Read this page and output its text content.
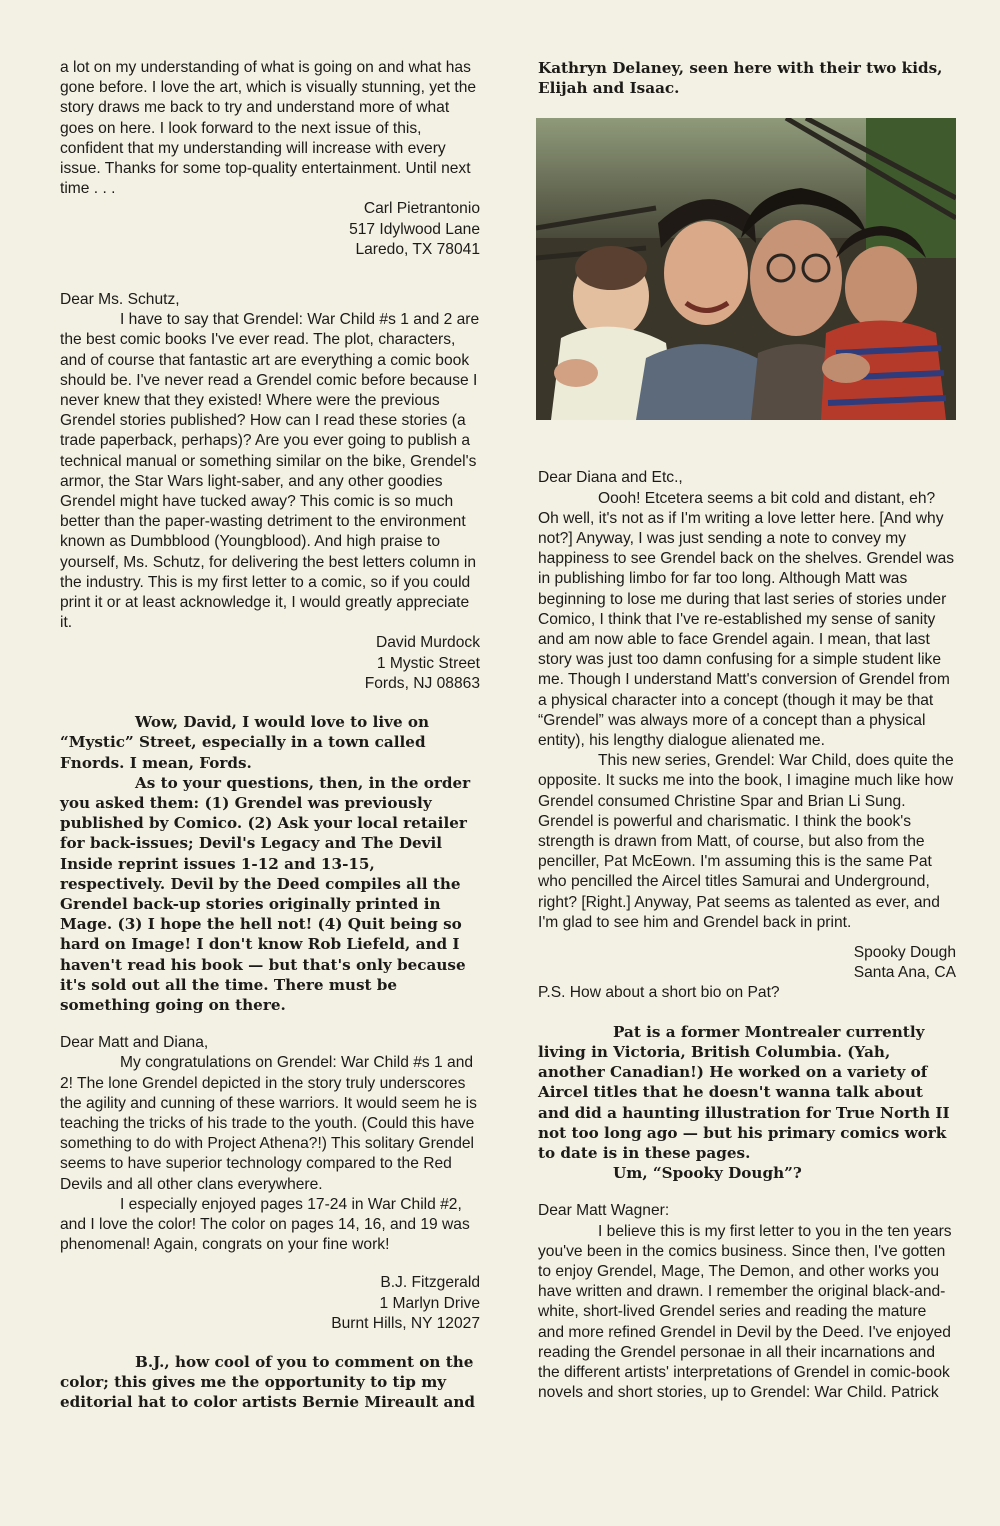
a lot on my understanding of what is going on and what has gone before. I love the art, which is visually stunning, yet the story draws me back to try and understand more of what goes on here. I look forward to the next issue of this, confident that my understanding will increase with every issue. Thanks for some top-quality entertainment. Until next time . . .

Carl Pietrantonio

517 Idylwood Lane

Laredo, TX 78041

Dear Ms. Schutz,

I have to say that Grendel: War Child #s 1 and 2 are the best comic books I've ever read. The plot, characters, and of course that fantastic art are everything a comic book should be. I've never read a Grendel comic before because I never knew that they existed! Where were the previous Grendel stories published? How can I read these stories (a trade paperback, perhaps)? Are you ever going to publish a technical manual or something similar on the bike, Grendel's armor, the Star Wars light-saber, and any other goodies Grendel might have tucked away? This comic is so much better than the paper-wasting detriment to the environment known as Dumbblood (Youngblood). And high praise to yourself, Ms. Schutz, for delivering the best letters column in the industry. This is my first letter to a comic, so if you could print it or at least acknowledge it, I would greatly appreciate it.

David Murdock

1 Mystic Street

Fords, NJ 08863

Wow, David, I would love to live on “Mystic” Street, especially in a town called Fnords. I mean, Fords.

As to your questions, then, in the order you asked them: (1) Grendel was previously published by Comico. (2) Ask your local retailer for back-issues; Devil's Legacy and The Devil Inside reprint issues 1-12 and 13-15, respectively. Devil by the Deed compiles all the Grendel back-up stories originally printed in Mage. (3) I hope the hell not! (4) Quit being so hard on Image! I don't know Rob Liefeld, and I haven't read his book — but that's only because it's sold out all the time. There must be something going on there.

Dear Matt and Diana,

My congratulations on Grendel: War Child #s 1 and 2! The lone Grendel depicted in the story truly underscores the agility and cunning of these warriors. It would seem he is teaching the tricks of his trade to the youth. (Could this have something to do with Project Athena?!) This solitary Grendel seems to have superior technology compared to the Red Devils and all other clans everywhere.

I especially enjoyed pages 17-24 in War Child #2, and I love the color! The color on pages 14, 16, and 19 was phenomenal! Again, congrats on your fine work!

B.J. Fitzgerald

1 Marlyn Drive

Burnt Hills, NY 12027

B.J., how cool of you to comment on the color; this gives me the opportunity to tip my editorial hat to color artists Bernie Mireault and

Kathryn Delaney, seen here with their two kids, Elijah and Isaac.

Dear Diana and Etc.,

Oooh! Etcetera seems a bit cold and distant, eh? Oh well, it's not as if I'm writing a love letter here. [And why not?] Anyway, I was just sending a note to convey my happiness to see Grendel back on the shelves. Grendel was in publishing limbo for far too long. Although Matt was beginning to lose me during that last series of stories under Comico, I think that I've re-established my sense of sanity and am now able to face Grendel again. I mean, that last story was just too damn confusing for a simple student like me. Though I understand Matt's conversion of Grendel from a physical character into a concept (though it may be that “Grendel” was always more of a concept than a physical entity), his lengthy dialogue alienated me.

This new series, Grendel: War Child, does quite the opposite. It sucks me into the book, I imagine much like how Grendel consumed Christine Spar and Brian Li Sung. Grendel is powerful and charismatic. I think the book's strength is drawn from Matt, of course, but also from the penciller, Pat McEown. I'm assuming this is the same Pat who pencilled the Aircel titles Samurai and Underground, right? [Right.] Anyway, Pat seems as talented as ever, and I'm glad to see him and Grendel back in print.

Spooky Dough

Santa Ana, CA

P.S. How about a short bio on Pat?

Pat is a former Montrealer currently living in Victoria, British Columbia. (Yah, another Canadian!) He worked on a variety of Aircel titles that he doesn't wanna talk about and did a haunting illustration for True North II not too long ago — but his primary comics work to date is in these pages.

Um, “Spooky Dough”?

Dear Matt Wagner:

I believe this is my first letter to you in the ten years you've been in the comics business. Since then, I've gotten to enjoy Grendel, Mage, The Demon, and other works you have written and drawn. I remember the original black-and-white, short-lived Grendel series and reading the mature and more refined Grendel in Devil by the Deed. I've enjoyed reading the Grendel personae in all their incarnations and the different artists' interpretations of Grendel in comic-book novels and short stories, up to Grendel: War Child. Patrick
